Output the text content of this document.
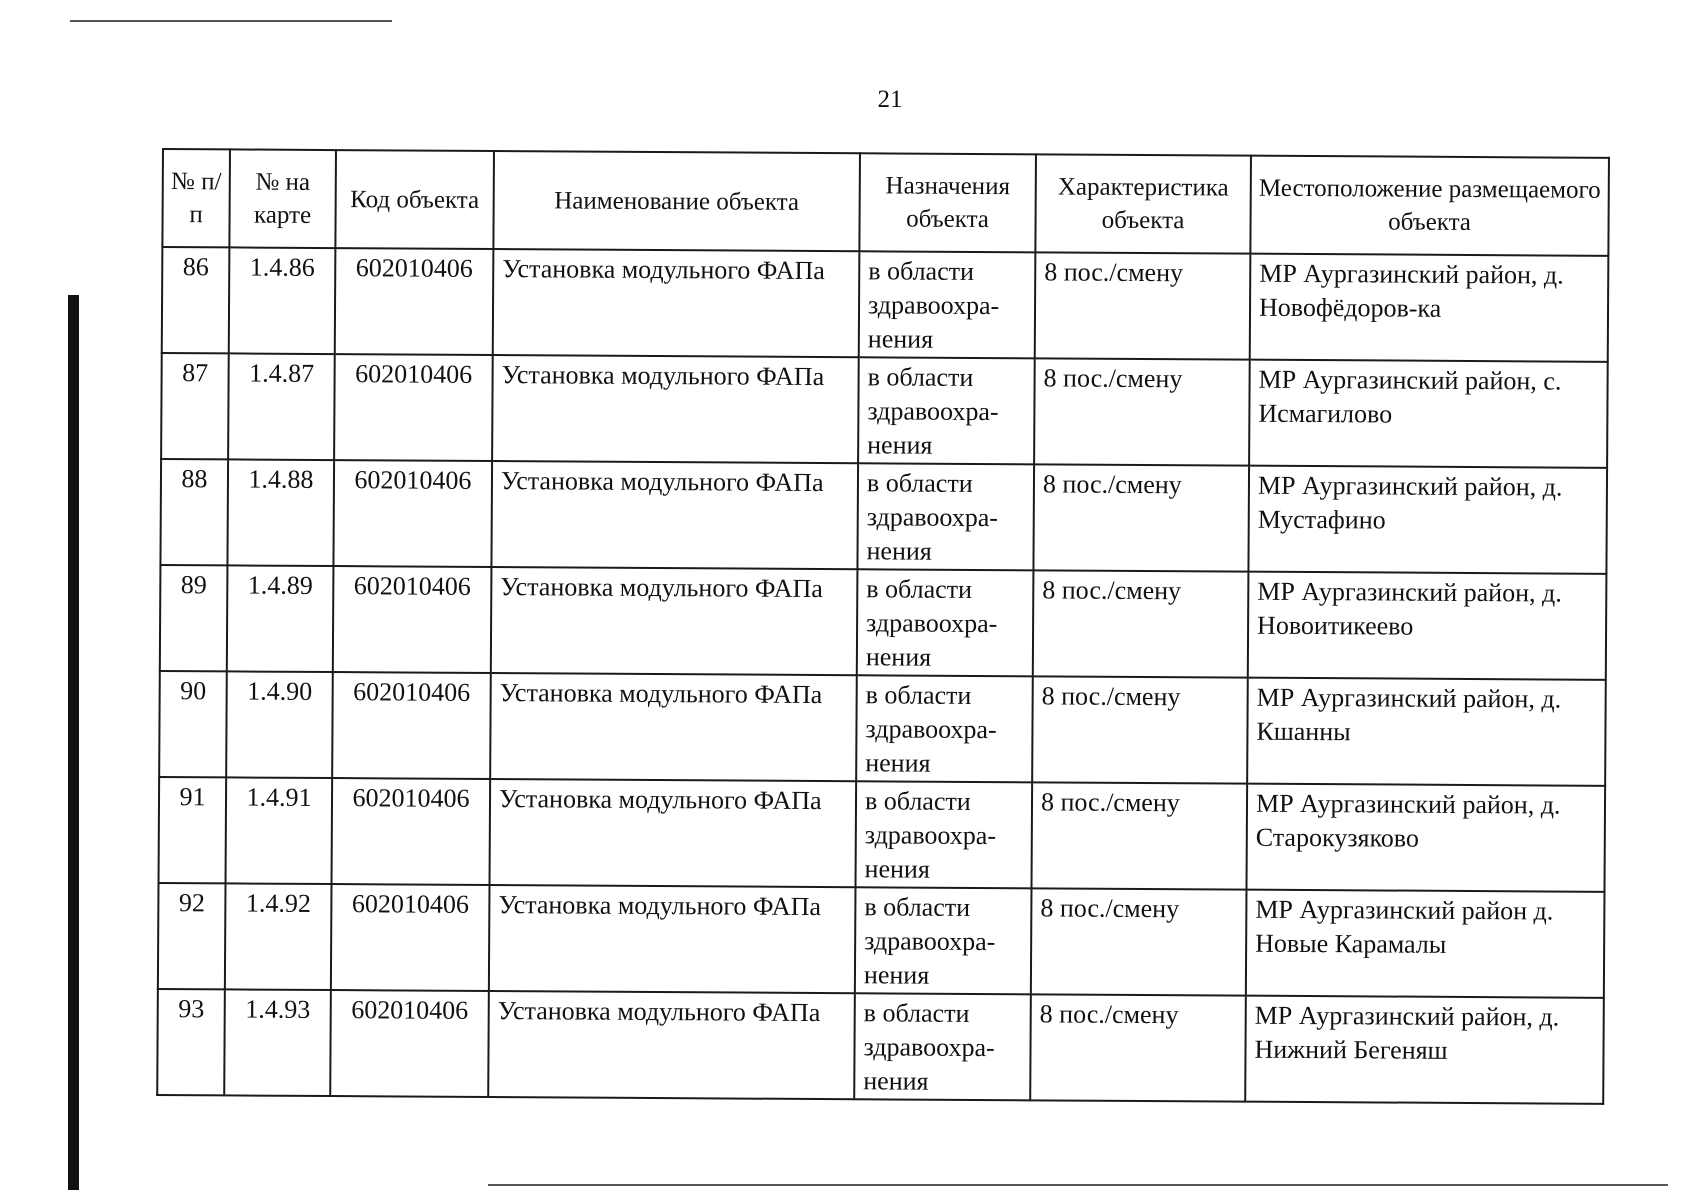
21
№ п/п	№ на карте	Код объекта	Наименование объекта	Назначения объекта	Характеристика объекта	Местоположение размещаемого объекта
86	1.4.86	602010406	Установка модульного ФАПа	в области
здравоохра-
нения	8 пос./смену	МР Аургазинский район, д. Новофёдоров-ка
87	1.4.87	602010406	Установка модульного ФАПа	в области
здравоохра-
нения	8 пос./смену	МР Аургазинский район, с. Исмагилово
88	1.4.88	602010406	Установка модульного ФАПа	в области
здравоохра-
нения	8 пос./смену	МР Аургазинский район, д. Мустафино
89	1.4.89	602010406	Установка модульного ФАПа	в области
здравоохра-
нения	8 пос./смену	МР Аургазинский район, д. Новоитикеево
90	1.4.90	602010406	Установка модульного ФАПа	в области
здравоохра-
нения	8 пос./смену	МР Аургазинский район, д. Кшанны
91	1.4.91	602010406	Установка модульного ФАПа	в области
здравоохра-
нения	8 пос./смену	МР Аургазинский район, д. Старокузяково
92	1.4.92	602010406	Установка модульного ФАПа	в области
здравоохра-
нения	8 пос./смену	МР Аургазинский район д. Новые Карамалы
93	1.4.93	602010406	Установка модульного ФАПа	в области
здравоохра-
нения	8 пос./смену	МР Аургазинский район, д. Нижний Бегеняш
